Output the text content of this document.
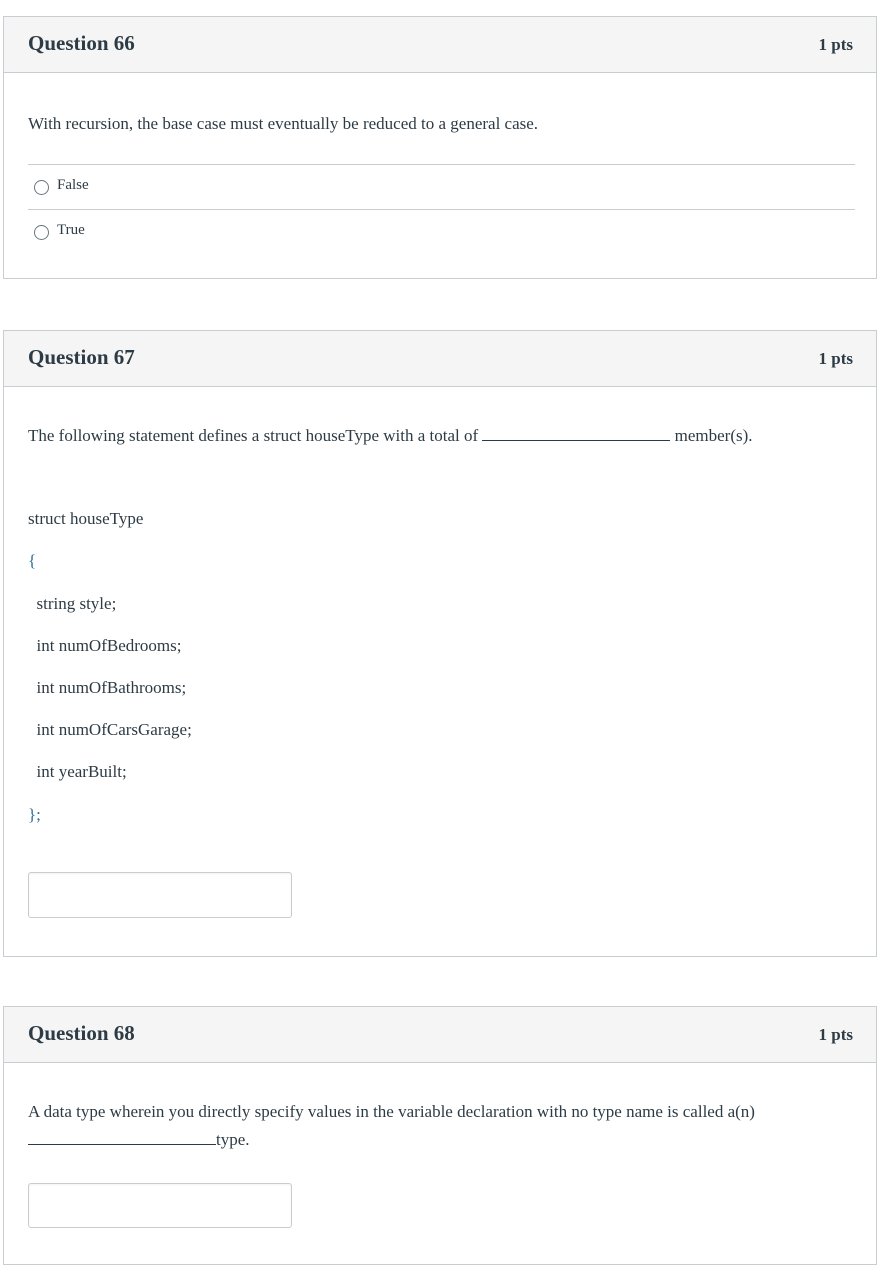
Question 66	1 pts
With recursion, the base case must eventually be reduced to a general case.
False
True
Question 67	1 pts
The following statement defines a struct houseType with a total of	member(s).
struct houseType
{
string style;
int numOfBedrooms;
int numOfBathrooms;
int numOfCarsGarage;
int yearBuilt;
};
Question 68	1 pts
A data type wherein you directly specify values in the variable declaration with no type name is called a(n) type.
